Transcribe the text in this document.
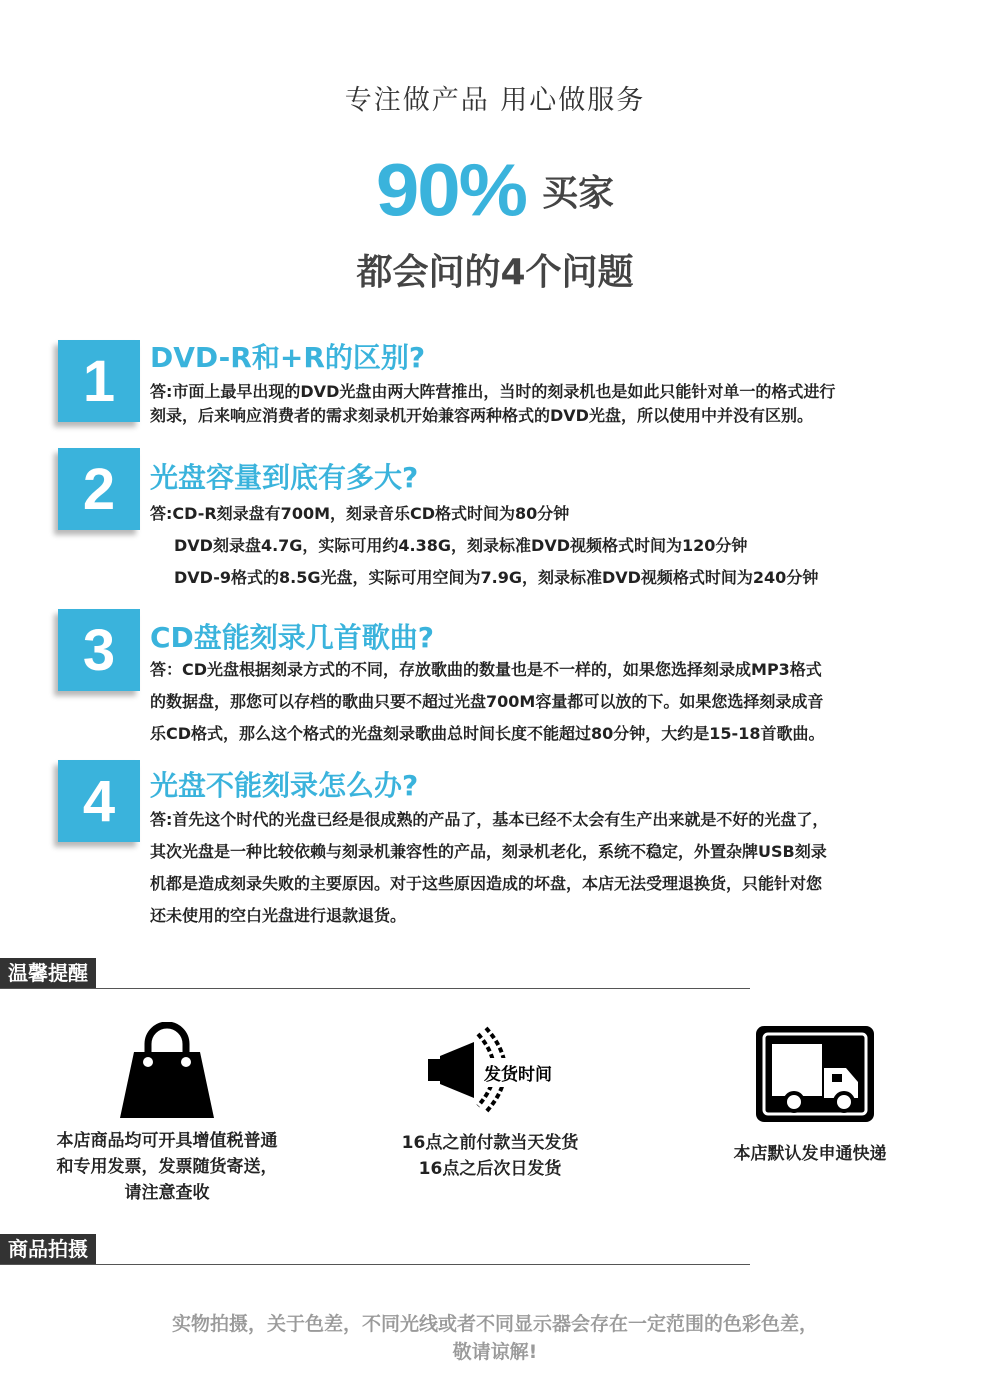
专注做产品 用心做服务
90% 买家
都会问的4个问题
1	DVD-R和+R的区别?
答:市面上最早出现的DVD光盘由两大阵营推出，当时的刻录机也是如此只能针对单一的格式进行
刻录，后来响应消费者的需求刻录机开始兼容两种格式的DVD光盘，所以使用中并没有区别。
2	光盘容量到底有多大?
答:CD-R刻录盘有700M，刻录音乐CD格式时间为80分钟
DVD刻录盘4.7G，实际可用约4.38G，刻录标准DVD视频格式时间为120分钟
DVD-9格式的8.5G光盘，实际可用空间为7.9G，刻录标准DVD视频格式时间为240分钟
3	CD盘能刻录几首歌曲?
答：CD光盘根据刻录方式的不同，存放歌曲的数量也是不一样的，如果您选择刻录成MP3格式
的数据盘，那您可以存档的歌曲只要不超过光盘700M容量都可以放的下。如果您选择刻录成音
乐CD格式，那么这个格式的光盘刻录歌曲总时间长度不能超过80分钟，大约是15-18首歌曲。
4	光盘不能刻录怎么办?
答:首先这个时代的光盘已经是很成熟的产品了，基本已经不太会有生产出来就是不好的光盘了，
其次光盘是一种比较依赖与刻录机兼容性的产品，刻录机老化，系统不稳定，外置杂牌USB刻录
机都是造成刻录失败的主要原因。对于这些原因造成的坏盘，本店无法受理退换货，只能针对您
还未使用的空白光盘进行退款退货。
温馨提醒
本店商品均可开具增值税普通
和专用发票，发票随货寄送，
请注意查收
发货时间
16点之前付款当天发货
16点之后次日发货
本店默认发申通快递
商品拍摄
实物拍摄，关于色差，不同光线或者不同显示器会存在一定范围的色彩色差，
敬请谅解!
